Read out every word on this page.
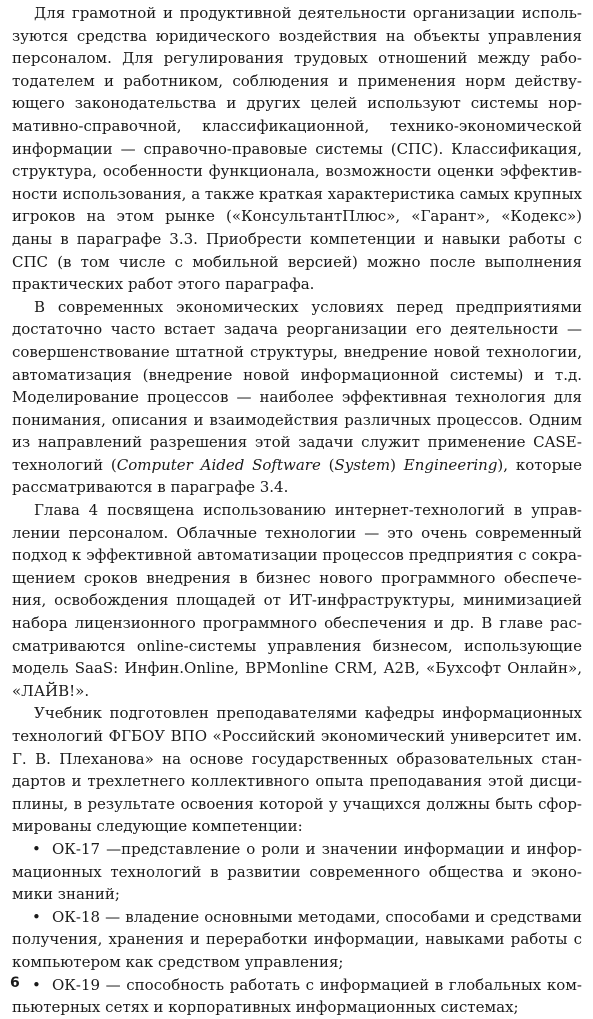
Для грамотной и продуктивной деятельности организации используются средства юридического воздействия на объекты управления персоналом. Для регулирования трудовых отношений между работодателем и работником, соблюдения и применения норм действующего законодательства и других целей используют системы нормативно-справочной, классификационной, технико-экономической информации — справочно-правовые системы (СПС). Классификация, структура, особенности функционала, возможности оценки эффективности использования, а также краткая характеристика самых крупных игроков на этом рынке («КонсультантПлюс», «Гарант», «Кодекс») даны в параграфе 3.3. Приобрести компетенции и навыки работы с СПС (в том числе с мобильной версией) можно после выполнения практических работ этого параграфа.

В современных экономических условиях перед предприятиями достаточно часто встает задача реорганизации его деятельности — совершенствование штатной структуры, внедрение новой технологии, автоматизация (внедрение новой информационной системы) и т.д. Моделирование процессов — наиболее эффективная технология для понимания, описания и взаимодействия различных процессов. Одним из направлений разрешения этой задачи служит применение CASE-технологий (Computer Aided Software (System) Engineering), которые рассматриваются в параграфе 3.4.

Глава 4 посвящена использованию интернет-технологий в управлении персоналом. Облачные технологии — это очень современный подход к эффективной автоматизации процессов предприятия с сокращением сроков внедрения в бизнес нового программного обеспечения, освобождения площадей от ИТ-инфраструктуры, минимизацией набора лицензионного программного обеспечения и др. В главе рассматриваются online-системы управления бизнесом, использующие модель SaaS: Инфин.Online, BPMonline CRM, A2B, «Бухсофт Онлайн», «ЛАЙВ!».

Учебник подготовлен преподавателями кафедры информационных технологий ФГБОУ ВПО «Российский экономический университет им. Г. В. Плеханова» на основе государственных образовательных стандартов и трехлетнего коллективного опыта преподавания этой дисциплины, в результате освоения которой у учащихся должны быть сформированы следующие компетенции:

• ОК-17 —представление о роли и значении информации и информационных технологий в развитии современного общества и экономики знаний;
• ОК-18 — владение основными методами, способами и средствами получения, хранения и переработки информации, навыками работы с компьютером как средством управления;
• ОК-19 — способность работать с информацией в глобальных компьютерных сетях и корпоративных информационных системах;
6
